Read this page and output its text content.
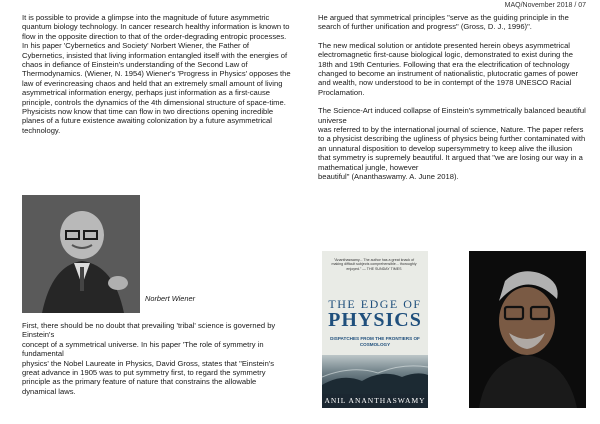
MAQ/November 2018 / 07

It is possible to provide a glimpse into the magnitude of future asymmetric quantum biology technology. In cancer research healthy information is known to flow in the opposite direction to that of the order-degrading entropic processes. In his paper 'Cybernetics and Society' Norbert Wiener, the Father of Cybernetics, insisted that living information entangled itself with the energies of chaos in defiance of Einstein's understanding of the Second Law of Thermodynamics. (Wiener, N. 1954) Wiener's 'Progress in Physics' opposes the law of everincreasing chaos and held that an extremely small amount of living asymmetrical information energy, perhaps just information as a first-cause principle, controls the dynamics of the 4th dimensional structure of space-time. Physicists now know that time can flow in two directions opening incredible planes of a future existence awaiting colonization by a future asymmetrical technology.

Norbert Wiener
First, there should be no doubt that prevailing 'tribal' science is governed by Einstein's
concept of a symmetrical universe. In his paper 'The role of symmetry in fundamental
physics' the Nobel Laureate in Physics, David Gross, states that "Einstein's great advance in 1905 was to put symmetry first, to regard the symmetry principle as the primary feature of nature that constrains the allowable dynamical laws.

He argued that symmetrical principles "serve as the guiding principle in the search of further unification and progress" (Gross, D. J., 1996)".

The new medical solution or antidote presented herein obeys asymmetrical electromagnetic first-cause biological logic, demonstrated to exist during the 18th and 19th Centuries. Following that era the electrification of technology changed to become an instrument of nationalistic, plutocratic games of power and wealth, now understood to be in contempt of the 1978 UNESCO Racial Proclamation.

The Science-Art induced collapse of Einstein's symmetrically balanced beautiful universe
was referred to by the international journal of science, Nature. The paper refers to a physicist describing the ugliness of physics being further contaminated with an unnatural disposition to develop supersymmetry to keep alive the illusion that symmetry is supremely beautiful. It argued that "we are losing our way in a mathematical jungle, however
beautiful" (Ananthaswamy. A. June 2018).
"Ananthaswamy... The author has a great knack of making difficult subjects comprehensible... thoroughly enjoyed." — THE SUNDAY TIMES
THE EDGE OF
PHYSICS
DISPATCHES FROM THE FRONTIERS OF COSMOLOGY
ANIL ANANTHASWAMY
